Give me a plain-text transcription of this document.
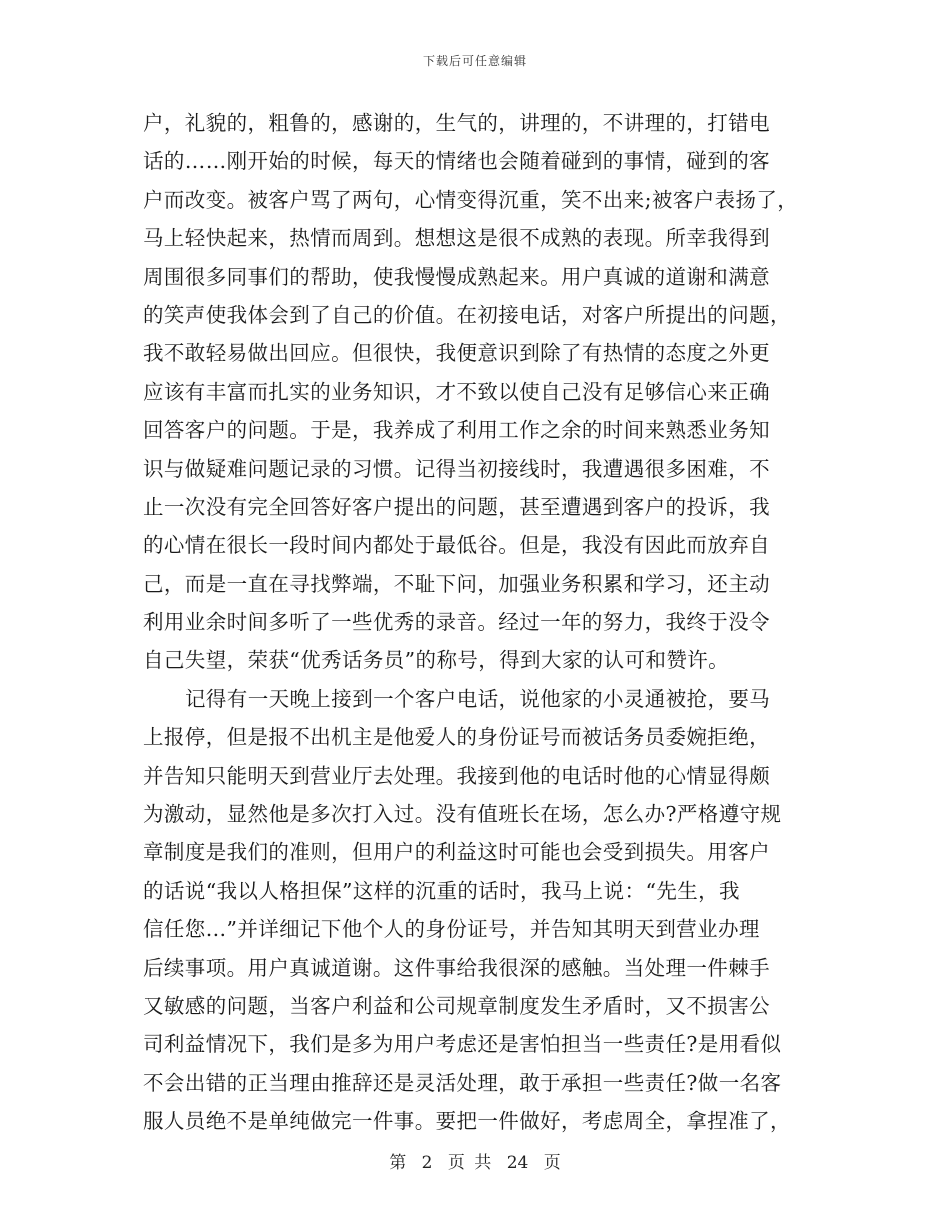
下载后可任意编辑
户，礼貌的，粗鲁的，感谢的，生气的，讲理的，不讲理的，打错电
话的……刚开始的时候，每天的情绪也会随着碰到的事情，碰到的客
户而改变。被客户骂了两句，心情变得沉重，笑不出来;被客户表扬了，
马上轻快起来，热情而周到。想想这是很不成熟的表现。所幸我得到
周围很多同事们的帮助，使我慢慢成熟起来。用户真诚的道谢和满意
的笑声使我体会到了自己的价值。在初接电话，对客户所提出的问题，
我不敢轻易做出回应。但很快，我便意识到除了有热情的态度之外更
应该有丰富而扎实的业务知识，才不致以使自己没有足够信心来正确
回答客户的问题。于是，我养成了利用工作之余的时间来熟悉业务知
识与做疑难问题记录的习惯。记得当初接线时，我遭遇很多困难，不
止一次没有完全回答好客户提出的问题，甚至遭遇到客户的投诉，我
的心情在很长一段时间内都处于最低谷。但是，我没有因此而放弃自
己，而是一直在寻找弊端，不耻下问，加强业务积累和学习，还主动
利用业余时间多听了一些优秀的录音。经过一年的努力，我终于没令
自己失望，荣获“优秀话务员”的称号，得到大家的认可和赞许。
记得有一天晚上接到一个客户电话，说他家的小灵通被抢，要马
上报停，但是报不出机主是他爱人的身份证号而被话务员委婉拒绝，
并告知只能明天到营业厅去处理。我接到他的电话时他的心情显得颇
为激动，显然他是多次打入过。没有值班长在场，怎么办?严格遵守规
章制度是我们的准则，但用户的利益这时可能也会受到损失。用客户
的话说“我以人格担保”这样的沉重的话时，我马上说：“先生，我
信任您...”并详细记下他个人的身份证号，并告知其明天到营业办理
后续事项。用户真诚道谢。这件事给我很深的感触。当处理一件棘手
又敏感的问题，当客户利益和公司规章制度发生矛盾时，又不损害公
司利益情况下，我们是多为用户考虑还是害怕担当一些责任?是用看似
不会出错的正当理由推辞还是灵活处理，敢于承担一些责任?做一名客
服人员绝不是单纯做完一件事。要把一件做好，考虑周全，拿捏准了，
第 2 页 共 24 页
